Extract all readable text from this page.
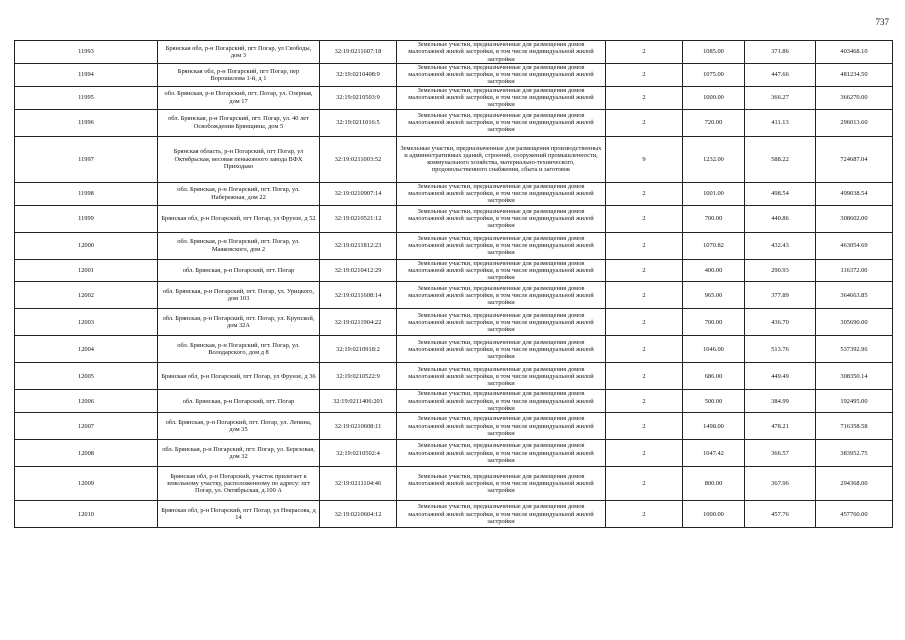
737
11993	Брянская обл, р-н Погарский, пгт Погар, ул Свободы, дом 3	32:19:0211607:18	Земельные участки, предназначенные для размещения домов малоэтажной жилой застройки, в том числе индивидуальной жилой застройки	2	1085.00	371.86	403468.10
11994	Брянская обл, р-н Погарский, пгт Погар, пер Ворошилова 1-й, д 1	32:19:0210408:9	Земельные участки, предназначенные для размещения домов малоэтажной жилой застройки, в том числе индивидуальной жилой застройки	2	1075.00	447.66	481234.50
11995	обл. Брянская, р-н Погарский, пгт. Погар, ул. Озерная, дом 17	32:19:0210503:9	Земельные участки, предназначенные для размещения домов малоэтажной жилой застройки, в том числе индивидуальной жилой застройки	2	1000.00	366.27	366270.00
11996	обл. Брянская, р-н Погарский, пгт. Погар, ул. 40 лет Освобождения Брянщины, дом 5	32:19:0211016:5	Земельные участки, предназначенные для размещения домов малоэтажной жилой застройки, в том числе индивидуальной жилой застройки	2	720.00	411.13	296013.60
11997	Брянская область, р-н Погарский, пгт Погар, ул Октябрьская, весовая пеньковоого завода ВФХ Приходько	32:19:0211003:52	Земельные участки, предназначенные для размещения производственных и административных зданий, строений, сооружений промышленности, коммунального хозяйства, материально-технического, продовольственного снабжения, сбыта и заготовок	9	1232.00	588.22	724687.04
11998	обл. Брянская, р-н Погарский, пгт. Погар, ул. Набережная, дом 22	32:19:0210907:14	Земельные участки, предназначенные для размещения домов малоэтажной жилой застройки, в том числе индивидуальной жилой застройки	2	1001.00	498.54	499038.54
11999	Брянская обл, р-н Погарский, пгт Погар, ул Фрунзе, д 52	32:19:0210521:12	Земельные участки, предназначенные для размещения домов малоэтажной жилой застройки, в том числе индивидуальной жилой застройки	2	700.00	440.86	308602.00
12000	обл. Брянская, р-н Погарский, пгт. Погар, ул. Маяковского, дом 2	32:19:0211812:23	Земельные участки, предназначенные для размещения домов малоэтажной жилой застройки, в том числе индивидуальной жилой застройки	2	1070.82	432.43	463054.69
12001	обл. Брянская, р-н Погарский, пгт. Погар	32:19:0210412:29	Земельные участки, предназначенные для размещения домов малоэтажной жилой застройки, в том числе индивидуальной жилой застройки	2	400.00	290.93	116372.00
12002	обл. Брянская, р-н Погарский, пгт. Погар, ул. Урицкого, дом 103	32:19:0211608:14	Земельные участки, предназначенные для размещения домов малоэтажной жилой застройки, в том числе индивидуальной жилой застройки	2	965.00	377.89	364663.85
12003	обл. Брянская, р-н Погарский, пгт. Погар, ул. Крупской, дом 32А	32:19:0211904:22	Земельные участки, предназначенные для размещения домов малоэтажной жилой застройки, в том числе индивидуальной жилой застройки	2	700.00	436.70	305690.00
12004	обл. Брянская, р-н Погарский, пгт. Погар, ул. Володарского, дом д 8	32:19:0210918:2	Земельные участки, предназначенные для размещения домов малоэтажной жилой застройки, в том числе индивидуальной жилой застройки	2	1046.00	513.76	537392.96
12005	Брянская обл, р-н Погарский, пгт Погар, ул Фрунзе, д 36	32:19:0210522:9	Земельные участки, предназначенные для размещения домов малоэтажной жилой застройки, в том числе индивидуальной жилой застройки	2	686.00	449.49	308350.14
12006	обл. Брянская, р-н Погарский, пгт. Погар	32:19:0211406:201	Земельные участки, предназначенные для размещения домов малоэтажной жилой застройки, в том числе индивидуальной жилой застройки	2	500.00	384.99	192495.00
12007	обл. Брянская, р-н Погарский, пгт. Погар, ул. Ленина, дом 35	32:19:0210608:11	Земельные участки, предназначенные для размещения домов малоэтажной жилой застройки, в том числе индивидуальной жилой застройки	2	1498.00	478.21	716358.58
12008	обл. Брянская, р-н Погарский, пгт. Погар, ул. Березовая, дом 32	32:19:0210502:4	Земельные участки, предназначенные для размещения домов малоэтажной жилой застройки, в том числе индивидуальной жилой застройки	2	1047.42	366.57	383952.75
12009	Брянская обл, р-н Погарский, участок прилегает к земельному участку, расположенному по адресу: пгт Погар, ул. Октябрьская, д.100 А	32:19:0211104:46	Земельные участки, предназначенные для размещения домов малоэтажной жилой застройки, в том числе индивидуальной жилой застройки	2	800.00	367.96	294368.00
12010	Брянская обл, р-н Погарский, пгт Погар, ул Некрасова, д 14	32:19:0210604:12	Земельные участки, предназначенные для размещения домов малоэтажной жилой застройки, в том числе индивидуальной жилой застройки	2	1000.00	457.76	457760.00
